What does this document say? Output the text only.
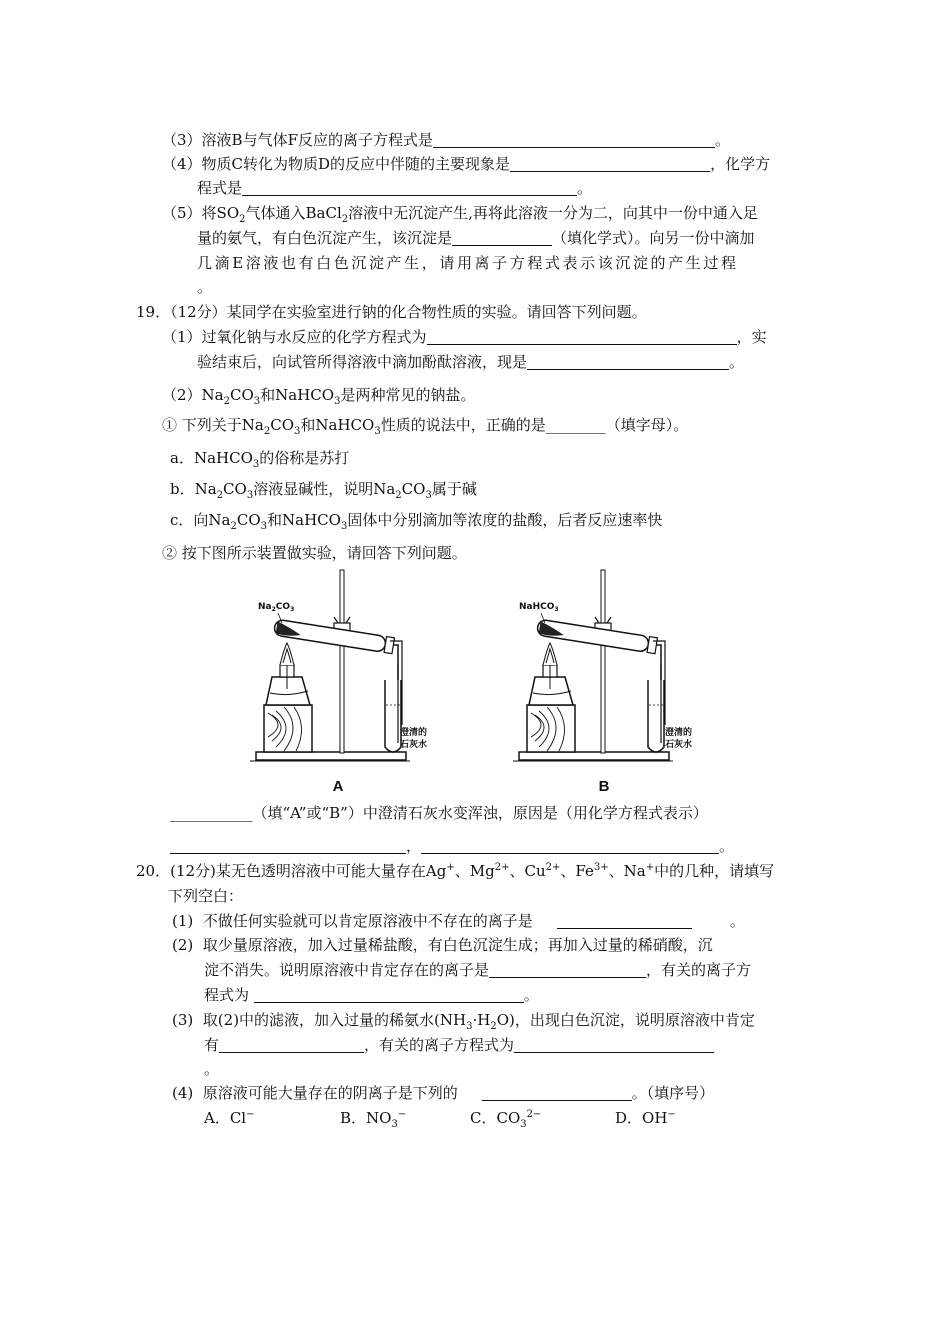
（3）溶液B与气体F反应的离子方程式是	。
（4）物质C转化为物质D的反应中伴随的主要现象是	，化学方
程式是	。
（5）将$SO_2$气体通入BaCl$_2$溶液中无沉淀产生,再将此溶液一分为二，向其中一份中通入足
量的氨气，有白色沉淀产生，该沉淀是	（填化学式）。向另一份中滴加
几滴E溶液也有白色沉淀产生，请用离子方程式表示该沉淀的产生过程
。
19．（12分）某同学在实验室进行钠的化合物性质的实验。请回答下列问题。
（1）过氧化钠与水反应的化学方程式为	，实
验结束后，向试管所得溶液中滴加酚酞溶液，现是	。
$(2)Na_2CO_3$和NaHCO$_3$是两种常见的钠盐。
① 下列关于$Na_2CO_3$和NaHCO$_3$性质的说法中，正确的是________（填字母）。
a．NaHCO$_3$的俗称是苏打
b．$Na_2CO_3$溶液显碱性，说明$Na_2CO_3$属于碱
c．向$Na_2CO_3$和NaHCO$_3$固体中分别滴加等浓度的盐酸，后者反应速率快
② 按下图所示装置做实验，请回答下列问题。
$Na_2CO_3$
澄清的
石灰水
A
NaHCO$_3$
澄清的
石灰水
B
___________（填“A”或“B”）中澄清石灰水变浑浊，原因是（用化学方程式表示）
，	。
20．(12分)某无色透明溶液中可能大量存在Ag+、$Mg^{2+}$、$Cu^{2+}$、$Fe^{3+}$、Na+中的几种，请填写
下列空白：
(1) 不做任何实验就可以肯定原溶液中不存在的离子是	。
(2) 取少量原溶液，加入过量稀盐酸，有白色沉淀生成；再加入过量的稀硝酸，沉
淀不消失。说明原溶液中肯定存在的离子是	，有关的离子方
程式为	。
(3) 取(2)中的滤液，加入过量的稀氨水$(NH_3\cdot H_2O)$，出现白色沉淀，说明原溶液中肯定
有	，有关的离子方程式为
。
(4) 原溶液可能大量存在的阴离子是下列的	。（填序号）
A．Cl−	B．$NO_3^-$	C．$CO_3^{2-}$	D．OH−
